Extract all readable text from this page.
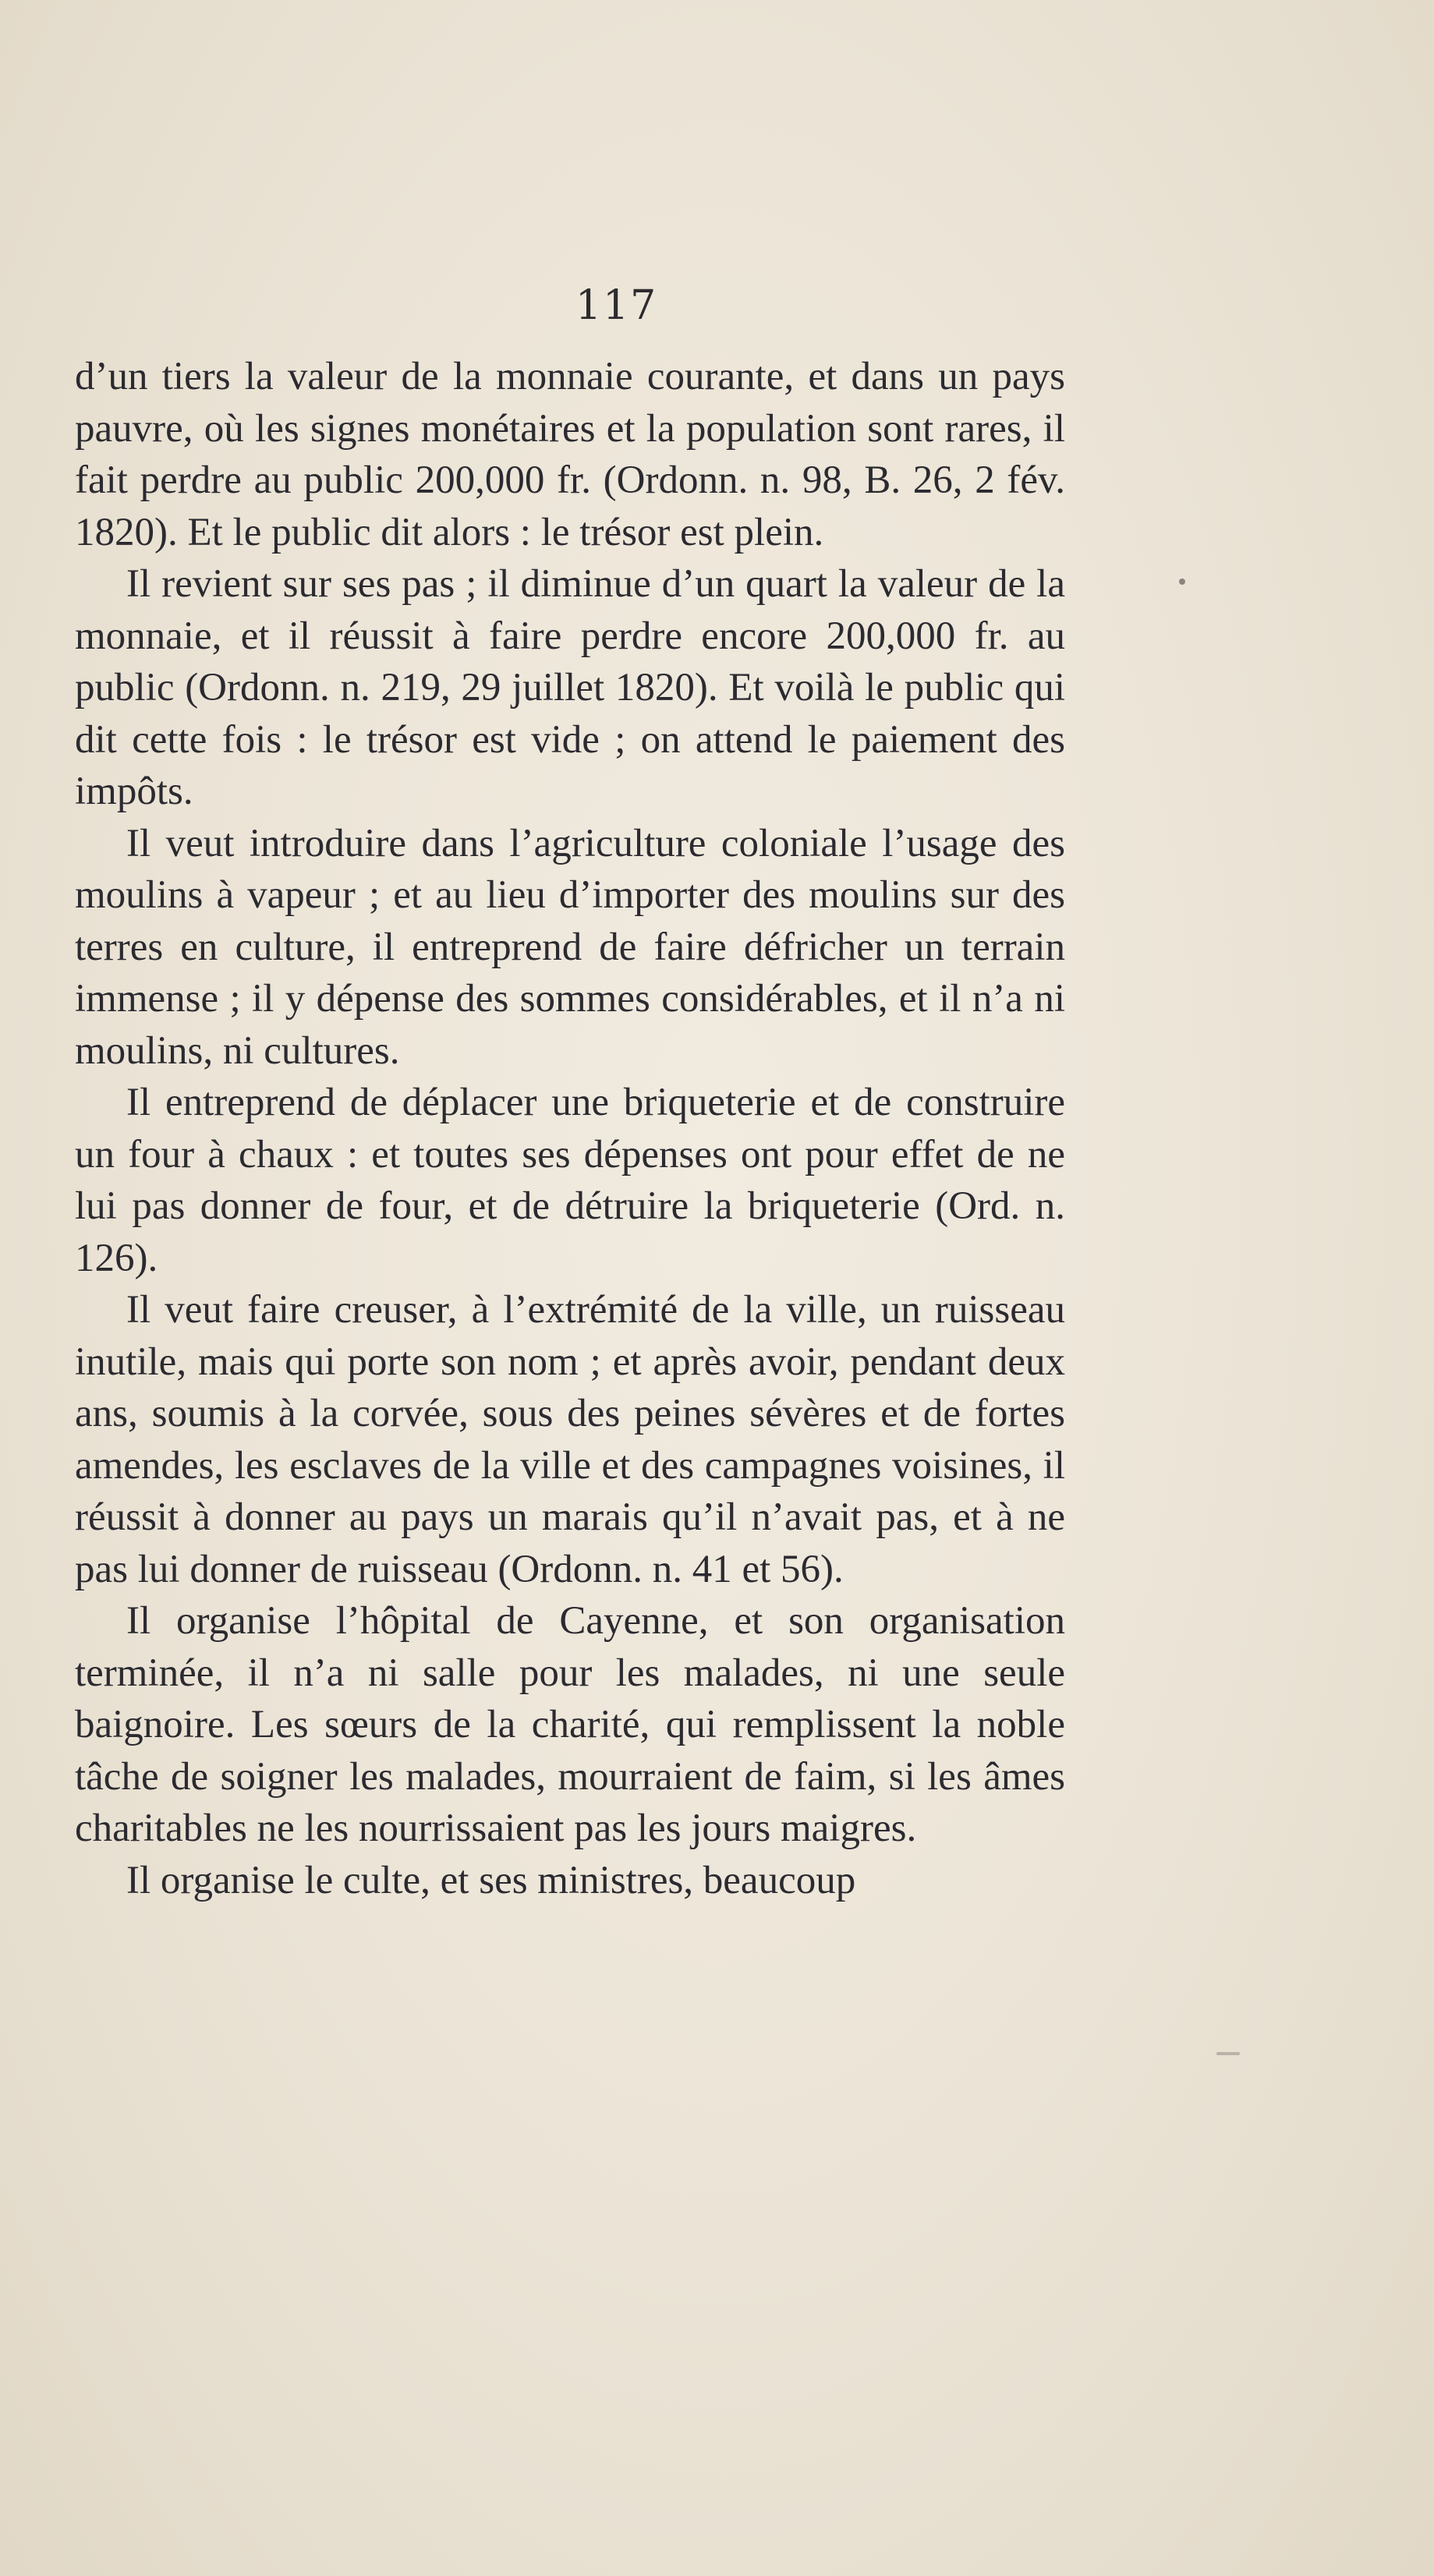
117

d’un tiers la valeur de la monnaie courante, et dans un pays pauvre, où les signes monétaires et la population sont rares, il fait perdre au public 200,000 fr. (Ordonn. n. 98, B. 26, 2 fév. 1820). Et le public dit alors : le trésor est plein.

Il revient sur ses pas ; il diminue d’un quart la valeur de la monnaie, et il réussit à faire perdre encore 200,000 fr. au public (Ordonn. n. 219, 29 juillet 1820). Et voilà le public qui dit cette fois : le trésor est vide ; on attend le paiement des impôts.

Il veut introduire dans l’agriculture coloniale l’usage des moulins à vapeur ; et au lieu d’importer des moulins sur des terres en culture, il entreprend de faire défricher un terrain immense ; il y dépense des sommes considérables, et il n’a ni moulins, ni cultures.

Il entreprend de déplacer une briqueterie et de construire un four à chaux : et toutes ses dépenses ont pour effet de ne lui pas donner de four, et de détruire la briqueterie (Ord. n. 126).

Il veut faire creuser, à l’extrémité de la ville, un ruisseau inutile, mais qui porte son nom ; et après avoir, pendant deux ans, soumis à la corvée, sous des peines sévères et de fortes amendes, les esclaves de la ville et des campagnes voisines, il réussit à donner au pays un marais qu’il n’avait pas, et à ne pas lui donner de ruisseau (Ordonn. n. 41 et 56).

Il organise l’hôpital de Cayenne, et son organisation terminée, il n’a ni salle pour les malades, ni une seule baignoire. Les sœurs de la charité, qui remplissent la noble tâche de soigner les malades, mourraient de faim, si les âmes charitables ne les nourrissaient pas les jours maigres.

Il organise le culte, et ses ministres, beaucoup
